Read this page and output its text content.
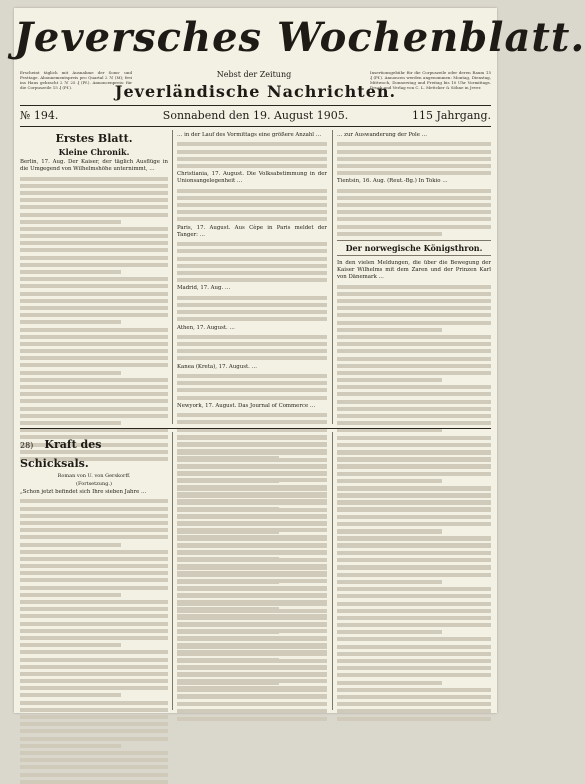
Jeversches Wochenblatt.
Erscheint täglich mit Ausnahme der Sonn- und Festtage. Abonnementspreis pro Quartal 2 ℳ (M); frei ins Haus gebracht 2 ℳ 25 ₰ (Pf.). Annoncenpreis: für die Corpuszeile 15 ₰ (Pf.).
Nebst der Zeitung	Insertionsgebühr für die Corpuszeile oder deren Raum 15 ₰ (Pf.). Annoncen werden angenommen: Montag, Dienstag, Mittwoch, Donnerstag und Freitag bis 10 Uhr Vormittags. Druck und Verlag von C. L. Mettcker & Söhne in Jever.
Jeverländische Nachrichten.
№ 194.	Sonnabend den 19. August 1905.	115 Jahrgang.
Erstes Blatt.
Kleine Chronik.
Berlin, 17. Aug. Der Kaiser, der täglich Ausflüge in die Umgegend von Wilhelmshöhe unternimmt, …
… in der Lauf des Vormittags eine größere Anzahl …
Christiania, 17. August. Die Volksabstimmung in der Unionsangelegenheit …
Paris, 17. August. Aus Cèpe in Paris meldet der Tanger: …
Madrid, 17. Aug. …
Athen, 17. August. …
Kanea (Kreta), 17. August. …
Newyork, 17. August. Das Journal of Commerce …
… zur Auswanderung der Pole …
Tientsin, 16. Aug. (Reut.-Bg.) In Tokio …
Der norwegische Königsthron.
In den vielen Meldungen, die über die Bewegung der Kaiser Wilhelms mit dem Zaren und der Prinzen Karl von Dänemark …
28) Kraft des Schicksals.
Roman von U. von Gerskorff.
(Fortsetzung.)
„Schon jetzt befindet sich Ihre sieben Jahre …
